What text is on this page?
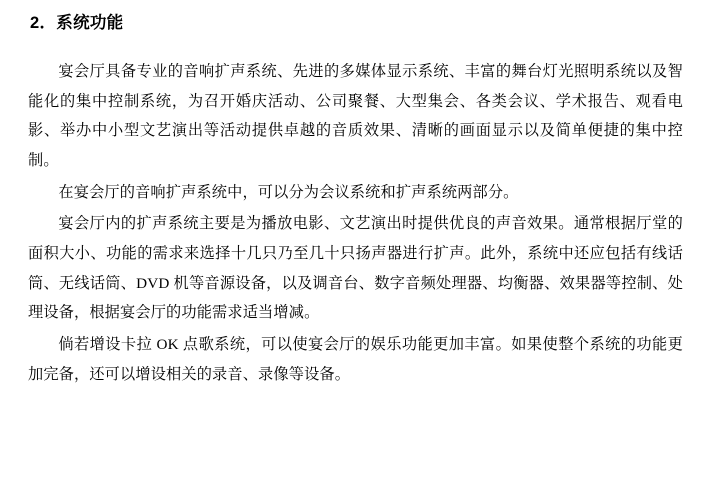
2．系统功能

宴会厅具备专业的音响扩声系统、先进的多媒体显示系统、丰富的舞台灯光照明系统以及智能化的集中控制系统，为召开婚庆活动、公司聚餐、大型集会、各类会议、学术报告、观看电影、举办中小型文艺演出等活动提供卓越的音质效果、清晰的画面显示以及简单便捷的集中控制。

在宴会厅的音响扩声系统中，可以分为会议系统和扩声系统两部分。

宴会厅内的扩声系统主要是为播放电影、文艺演出时提供优良的声音效果。通常根据厅堂的面积大小、功能的需求来选择十几只乃至几十只扬声器进行扩声。此外，系统中还应包括有线话筒、无线话筒、DVD 机等音源设备，以及调音台、数字音频处理器、均衡器、效果器等控制、处理设备，根据宴会厅的功能需求适当增减。

倘若增设卡拉 OK 点歌系统，可以使宴会厅的娱乐功能更加丰富。如果使整个系统的功能更加完备，还可以增设相关的录音、录像等设备。
